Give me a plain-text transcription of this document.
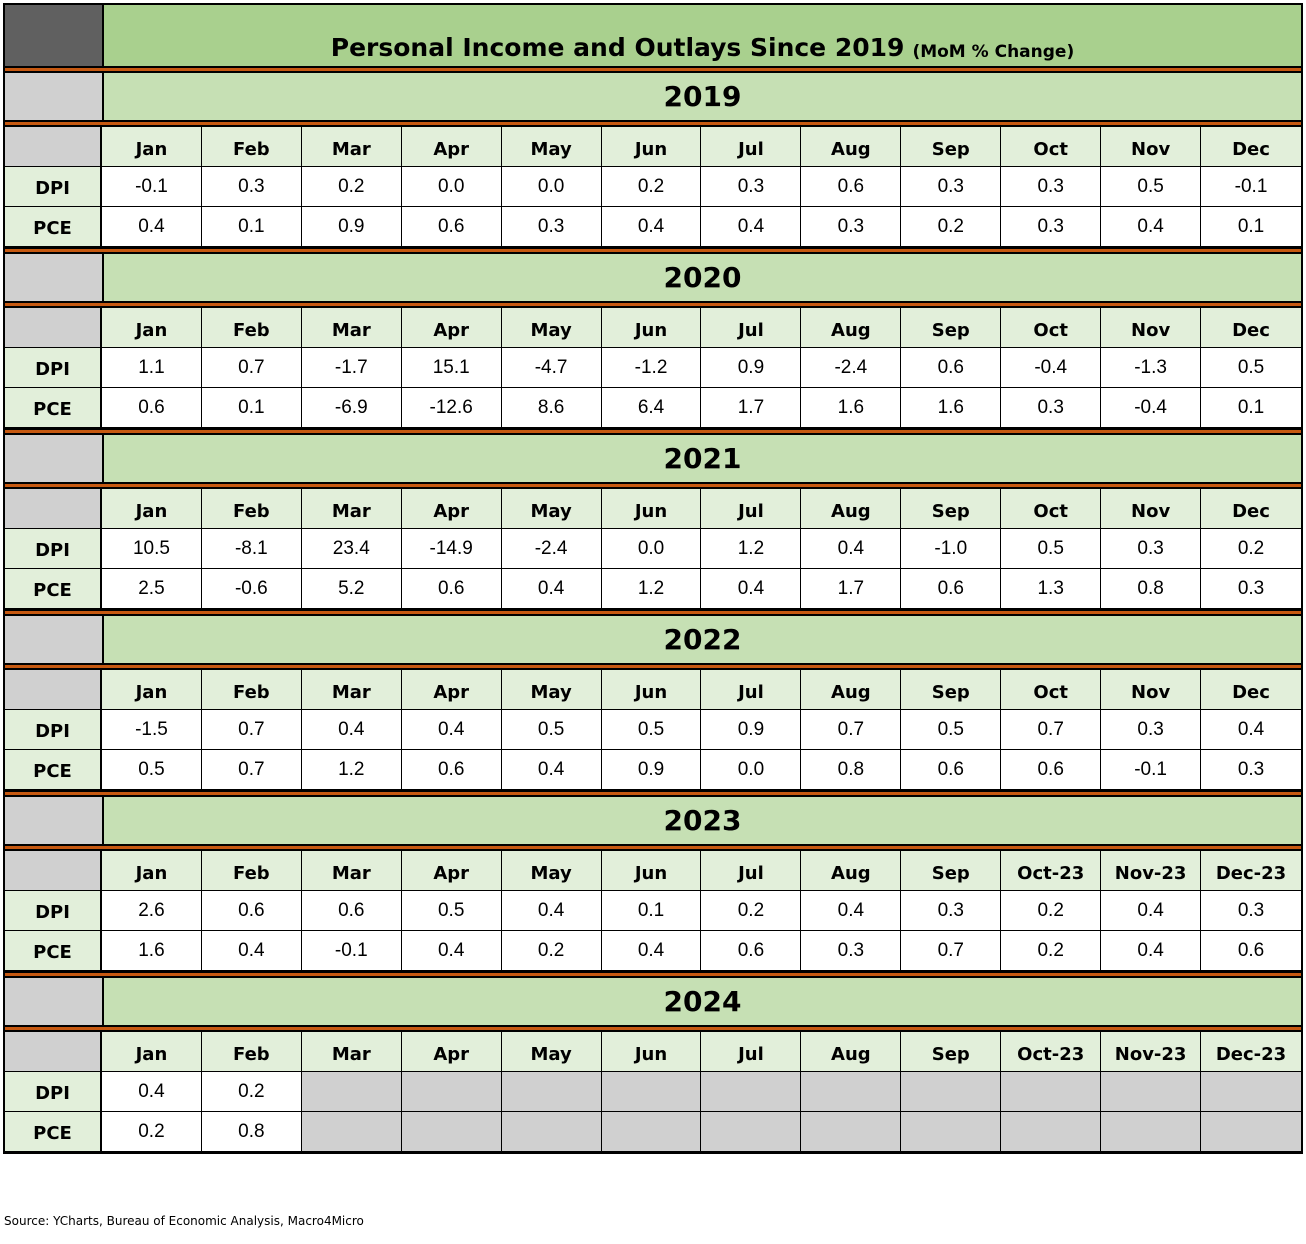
Personal Income and Outlays Since 2019 (MoM % Change)
2019
Jan	Feb	Mar	Apr	May	Jun	Jul	Aug	Sep	Oct	Nov	Dec
DPI	-0.1	0.3	0.2	0.0	0.0	0.2	0.3	0.6	0.3	0.3	0.5	-0.1
PCE	0.4	0.1	0.9	0.6	0.3	0.4	0.4	0.3	0.2	0.3	0.4	0.1
2020
Jan	Feb	Mar	Apr	May	Jun	Jul	Aug	Sep	Oct	Nov	Dec
DPI	1.1	0.7	-1.7	15.1	-4.7	-1.2	0.9	-2.4	0.6	-0.4	-1.3	0.5
PCE	0.6	0.1	-6.9	-12.6	8.6	6.4	1.7	1.6	1.6	0.3	-0.4	0.1
2021
Jan	Feb	Mar	Apr	May	Jun	Jul	Aug	Sep	Oct	Nov	Dec
DPI	10.5	-8.1	23.4	-14.9	-2.4	0.0	1.2	0.4	-1.0	0.5	0.3	0.2
PCE	2.5	-0.6	5.2	0.6	0.4	1.2	0.4	1.7	0.6	1.3	0.8	0.3
2022
Jan	Feb	Mar	Apr	May	Jun	Jul	Aug	Sep	Oct	Nov	Dec
DPI	-1.5	0.7	0.4	0.4	0.5	0.5	0.9	0.7	0.5	0.7	0.3	0.4
PCE	0.5	0.7	1.2	0.6	0.4	0.9	0.0	0.8	0.6	0.6	-0.1	0.3
2023
Jan	Feb	Mar	Apr	May	Jun	Jul	Aug	Sep	Oct-23	Nov-23	Dec-23
DPI	2.6	0.6	0.6	0.5	0.4	0.1	0.2	0.4	0.3	0.2	0.4	0.3
PCE	1.6	0.4	-0.1	0.4	0.2	0.4	0.6	0.3	0.7	0.2	0.4	0.6
2024
Jan	Feb	Mar	Apr	May	Jun	Jul	Aug	Sep	Oct-23	Nov-23	Dec-23
DPI	0.4	0.2
PCE	0.2	0.8
Source: YCharts, Bureau of Economic Analysis, Macro4Micro
